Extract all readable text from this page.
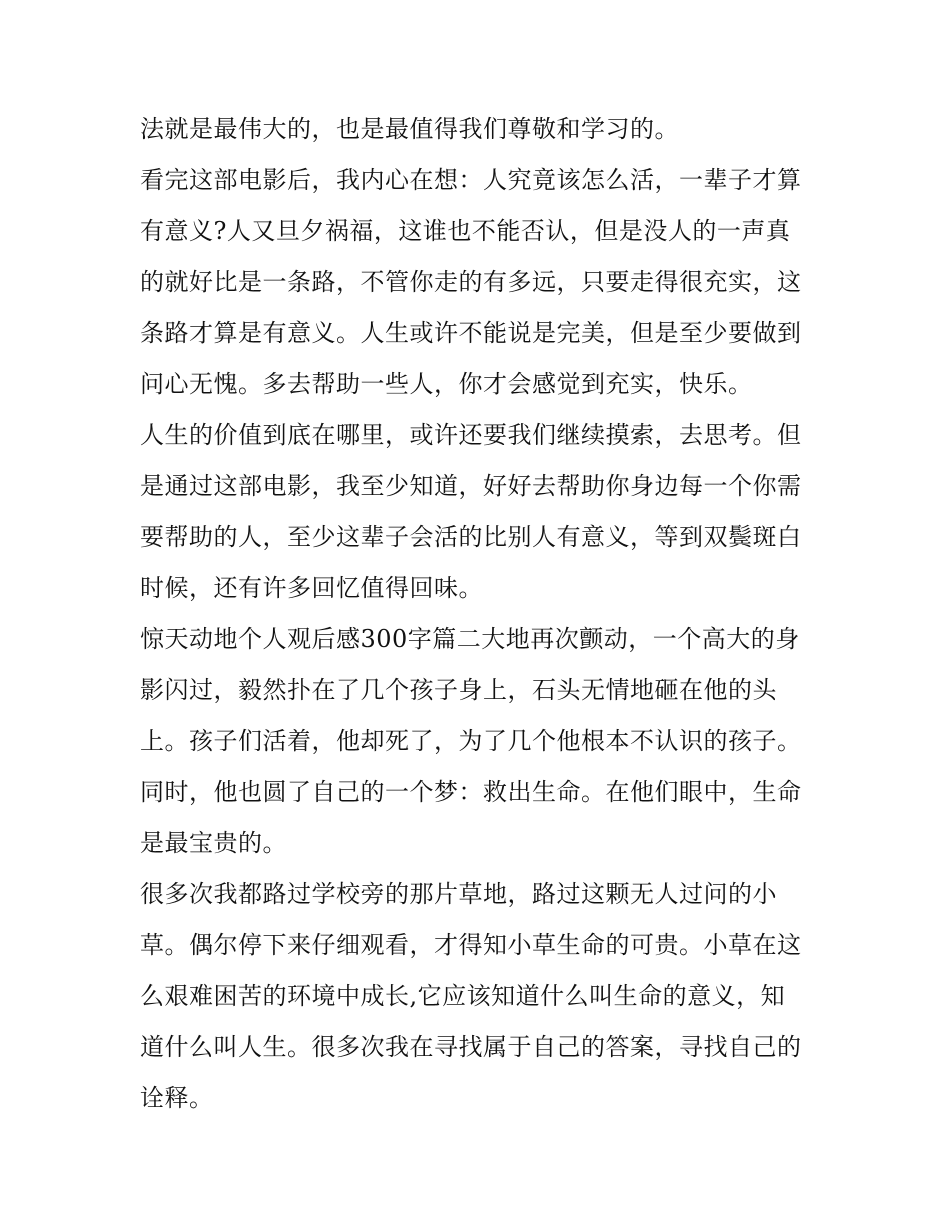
法就是最伟大的，也是最值得我们尊敬和学习的。
看完这部电影后，我内心在想：人究竟该怎么活，一辈子才算
有意义?人又旦夕祸福，这谁也不能否认，但是没人的一声真
的就好比是一条路，不管你走的有多远，只要走得很充实，这
条路才算是有意义。人生或许不能说是完美，但是至少要做到
问心无愧。多去帮助一些人，你才会感觉到充实，快乐。
人生的价值到底在哪里，或许还要我们继续摸索，去思考。但
是通过这部电影，我至少知道，好好去帮助你身边每一个你需
要帮助的人，至少这辈子会活的比别人有意义，等到双鬓斑白
时候，还有许多回忆值得回味。
惊天动地个人观后感300字篇二大地再次颤动，一个高大的身
影闪过，毅然扑在了几个孩子身上，石头无情地砸在他的头
上。孩子们活着，他却死了，为了几个他根本不认识的孩子。
同时，他也圆了自己的一个梦：救出生命。在他们眼中，生命
是最宝贵的。
很多次我都路过学校旁的那片草地，路过这颗无人过问的小
草。偶尔停下来仔细观看，才得知小草生命的可贵。小草在这
么艰难困苦的环境中成长,它应该知道什么叫生命的意义，知
道什么叫人生。很多次我在寻找属于自己的答案，寻找自己的
诠释。
